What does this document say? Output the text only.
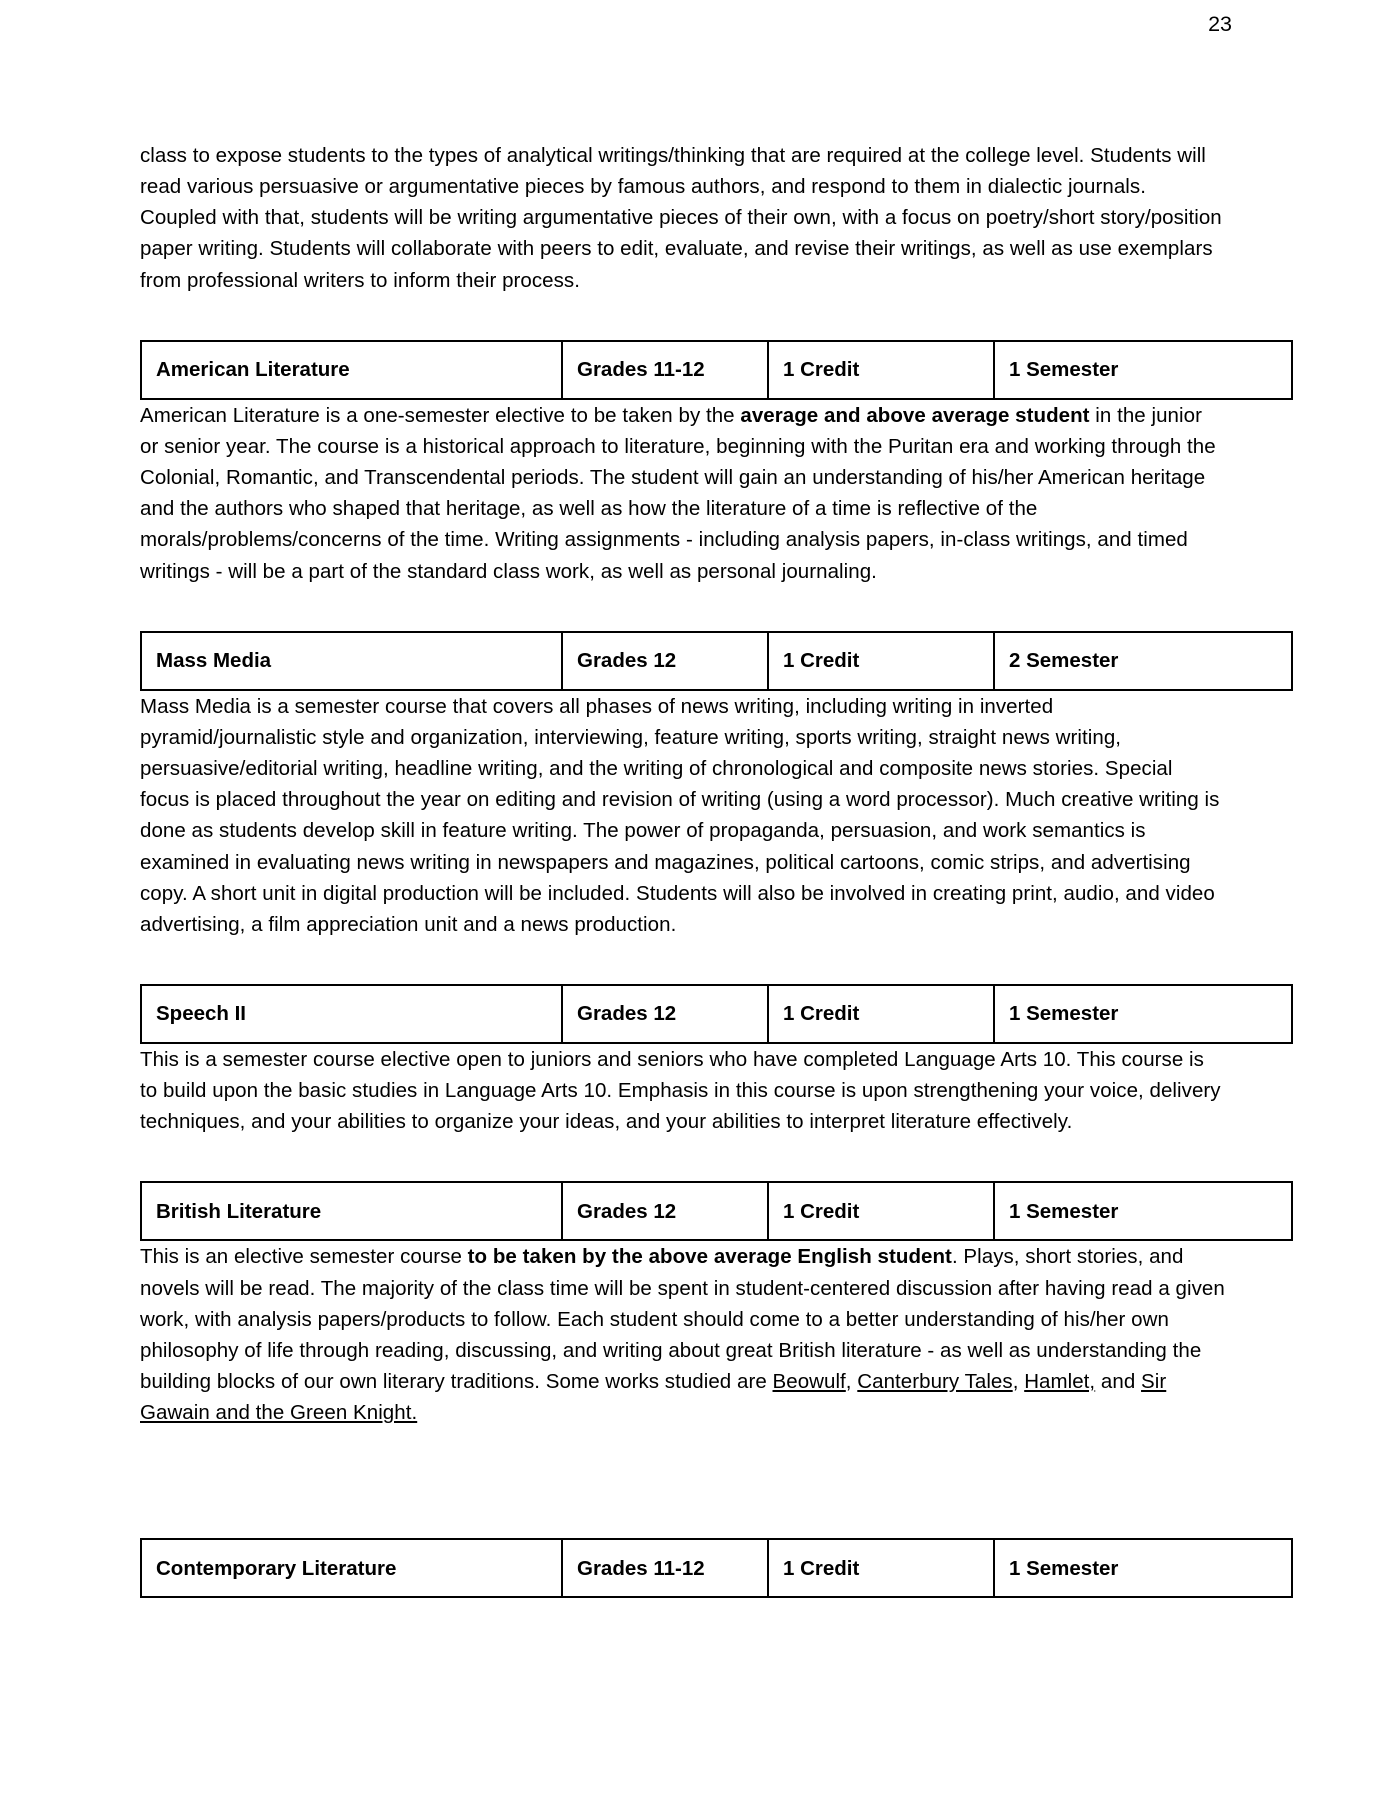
23

class to expose students to the types of analytical writings/thinking that are required at the college level. Students will read various persuasive or argumentative pieces by famous authors, and respond to them in dialectic journals. Coupled with that, students will be writing argumentative pieces of their own, with a focus on poetry/short story/position paper writing. Students will collaborate with peers to edit, evaluate, and revise their writings, as well as use exemplars from professional writers to inform their process.

American Literature	Grades 11-12	1 Credit	1 Semester

American Literature is a one-semester elective to be taken by the average and above average student in the junior or senior year. The course is a historical approach to literature, beginning with the Puritan era and working through the Colonial, Romantic, and Transcendental periods. The student will gain an understanding of his/her American heritage and the authors who shaped that heritage, as well as how the literature of a time is reflective of the morals/problems/concerns of the time. Writing assignments - including analysis papers, in-class writings, and timed writings - will be a part of the standard class work, as well as personal journaling.

Mass Media	Grades 12	1 Credit	2 Semester

Mass Media is a semester course that covers all phases of news writing, including writing in inverted pyramid/journalistic style and organization, interviewing, feature writing, sports writing, straight news writing, persuasive/editorial writing, headline writing, and the writing of chronological and composite news stories. Special focus is placed throughout the year on editing and revision of writing (using a word processor). Much creative writing is done as students develop skill in feature writing. The power of propaganda, persuasion, and work semantics is examined in evaluating news writing in newspapers and magazines, political cartoons, comic strips, and advertising copy. A short unit in digital production will be included. Students will also be involved in creating print, audio, and video advertising, a film appreciation unit and a news production.

Speech II	Grades 12	1 Credit	1 Semester

This is a semester course elective open to juniors and seniors who have completed Language Arts 10. This course is to build upon the basic studies in Language Arts 10. Emphasis in this course is upon strengthening your voice, delivery techniques, and your abilities to organize your ideas, and your abilities to interpret literature effectively.

British Literature	Grades 12	1 Credit	1 Semester

This is an elective semester course to be taken by the above average English student. Plays, short stories, and novels will be read. The majority of the class time will be spent in student-centered discussion after having read a given work, with analysis papers/products to follow. Each student should come to a better understanding of his/her own philosophy of life through reading, discussing, and writing about great British literature - as well as understanding the building blocks of our own literary traditions. Some works studied are Beowulf, Canterbury Tales, Hamlet, and Sir Gawain and the Green Knight.

Contemporary Literature	Grades 11-12	1 Credit	1 Semester
